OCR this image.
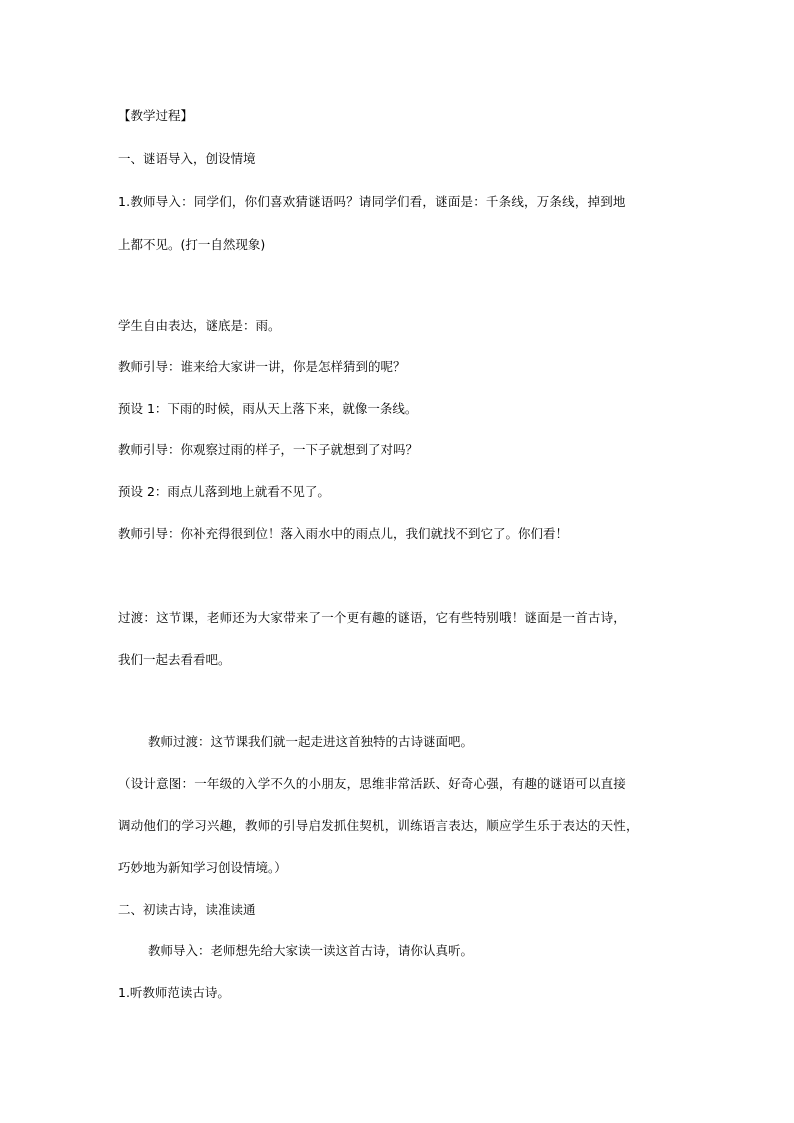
【教学过程】
一、谜语导入，创设情境
1.教师导入：同学们，你们喜欢猜谜语吗？请同学们看，谜面是：千条线，万条线，掉到地
上都不见。(打一自然现象)
学生自由表达，谜底是：雨。
教师引导：谁来给大家讲一讲，你是怎样猜到的呢？
预设 1：下雨的时候，雨从天上落下来，就像一条线。
教师引导：你观察过雨的样子，一下子就想到了对吗？
预设 2：雨点儿落到地上就看不见了。
教师引导：你补充得很到位！落入雨水中的雨点儿，我们就找不到它了。你们看！
过渡：这节课，老师还为大家带来了一个更有趣的谜语，它有些特别哦！谜面是一首古诗，
我们一起去看看吧。
教师过渡：这节课我们就一起走进这首独特的古诗谜面吧。
（设计意图：一年级的入学不久的小朋友，思维非常活跃、好奇心强，有趣的谜语可以直接
调动他们的学习兴趣，教师的引导启发抓住契机，训练语言表达，顺应学生乐于表达的天性，
巧妙地为新知学习创设情境。）
二、初读古诗，读准读通
教师导入：老师想先给大家读一读这首古诗，请你认真听。
1.听教师范读古诗。
